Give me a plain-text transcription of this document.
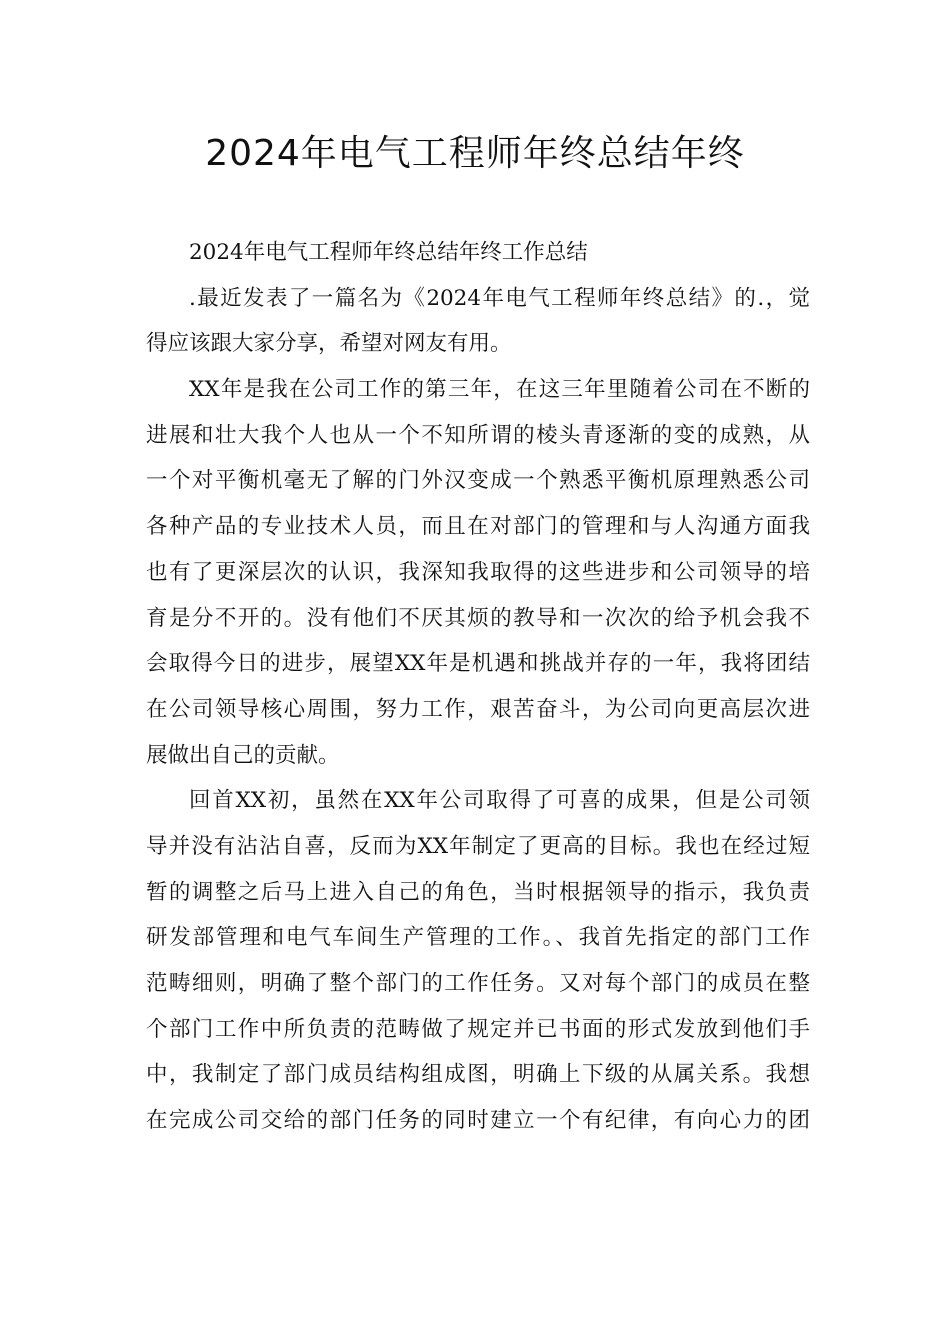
2024年电气工程师年终总结年终
2024年电气工程师年终总结年终工作总结
.最近发表了一篇名为《2024年电气工程师年终总结》的.，觉
得应该跟大家分享，希望对网友有用。
XX年是我在公司工作的第三年，在这三年里随着公司在不断的
进展和壮大我个人也从一个不知所谓的棱头青逐渐的变的成熟，从
一个对平衡机毫无了解的门外汉变成一个熟悉平衡机原理熟悉公司
各种产品的专业技术人员，而且在对部门的管理和与人沟通方面我
也有了更深层次的认识，我深知我取得的这些进步和公司领导的培
育是分不开的。没有他们不厌其烦的教导和一次次的给予机会我不
会取得今日的进步，展望XX年是机遇和挑战并存的一年，我将团结
在公司领导核心周围，努力工作，艰苦奋斗，为公司向更高层次进
展做出自己的贡献。
回首XX初，虽然在XX年公司取得了可喜的成果，但是公司领
导并没有沾沾自喜，反而为XX年制定了更高的目标。我也在经过短
暂的调整之后马上进入自己的角色，当时根据领导的指示，我负责
研发部管理和电气车间生产管理的工作。、我首先指定的部门工作
范畴细则，明确了整个部门的工作任务。又对每个部门的成员在整
个部门工作中所负责的范畴做了规定并已书面的形式发放到他们手
中，我制定了部门成员结构组成图，明确上下级的从属关系。我想
在完成公司交给的部门任务的同时建立一个有纪律，有向心力的团
